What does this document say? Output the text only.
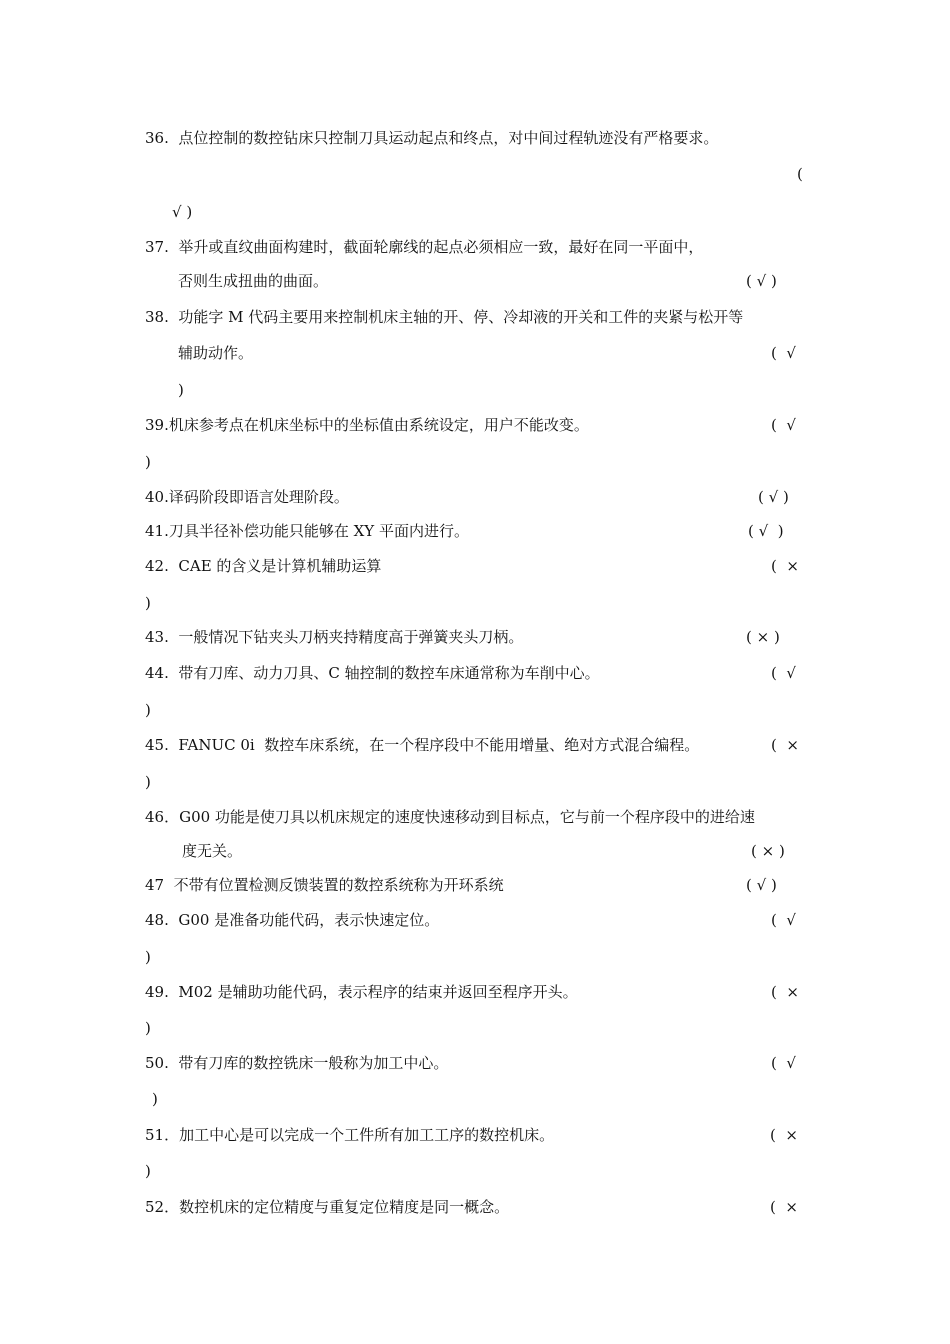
36.  点位控制的数控钻床只控制刀具运动起点和终点，对中间过程轨迹没有严格要求。
(
√ )
37.  举升或直纹曲面构建时，截面轮廓线的起点必须相应一致，最好在同一平面中，
否则生成扭曲的曲面。	( √ )
38.  功能字 M 代码主要用来控制机床主轴的开、停、冷却液的开关和工件的夹紧与松开等
辅助动作。	(  √
)
39.机床参考点在机床坐标中的坐标值由系统设定，用户不能改变。	(  √
)
40.译码阶段即语言处理阶段。	( √ )
41.刀具半径补偿功能只能够在 XY 平面内进行。	( √  )
42.  CAE 的含义是计算机辅助运算	(  ×
)
43.  一般情况下钻夹头刀柄夹持精度高于弹簧夹头刀柄。	( × )
44.  带有刀库、动力刀具、C 轴控制的数控车床通常称为车削中心。	(  √
)
45.  FANUC 0i  数控车床系统，在一个程序段中不能用增量、绝对方式混合编程。	(  ×
)
46．G00 功能是使刀具以机床规定的速度快速移动到目标点，它与前一个程序段中的进给速
度无关。	( × )
47  不带有位置检测反馈装置的数控系统称为开环系统	( √ )
48.  G00 是准备功能代码，表示快速定位。	(  √
)
49.  M02 是辅助功能代码，表示程序的结束并返回至程序开头。	(  ×
)
50.  带有刀库的数控铣床一般称为加工中心。	(  √
)
51．加工中心是可以完成一个工件所有加工工序的数控机床。	(  ×
)
52．数控机床的定位精度与重复定位精度是同一概念。	(  ×
